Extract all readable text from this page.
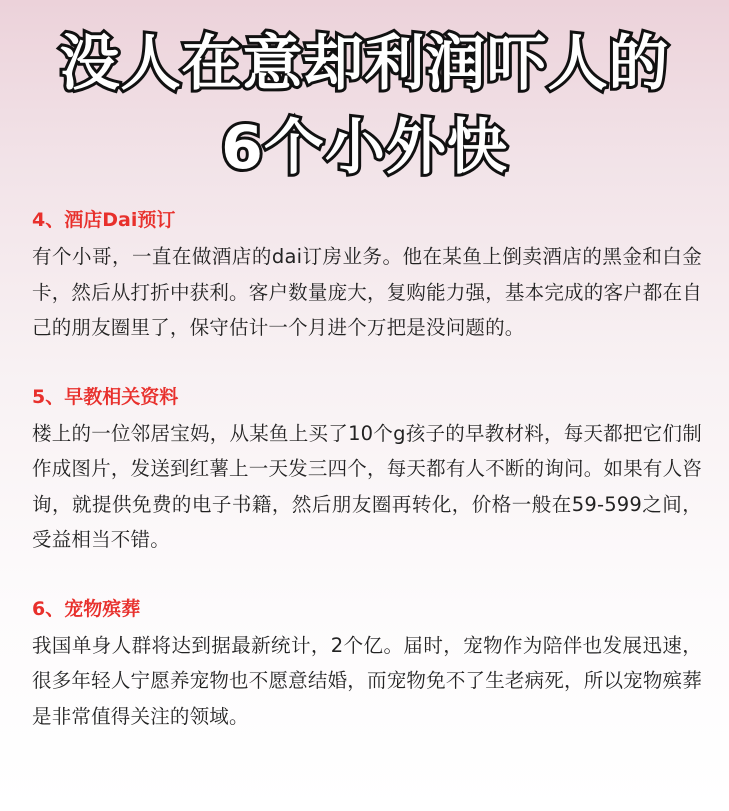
没人在意却利润吓人的
6个小外快
4、酒店Dai预订
有个小哥，一直在做酒店的dai订房业务。他在某鱼上倒卖酒店的黑金和白金卡，然后从打折中获利。客户数量庞大，复购能力强，基本完成的客户都在自己的朋友圈里了，保守估计一个月进个万把是没问题的。
5、早教相关资料
楼上的一位邻居宝妈，从某鱼上买了10个g孩子的早教材料，每天都把它们制作成图片，发送到红薯上一天发三四个，每天都有人不断的询问。如果有人咨询，就提供免费的电子书籍，然后朋友圈再转化，价格一般在59-599之间，受益相当不错。
6、宠物殡葬
我国单身人群将达到据最新统计，2个亿。届时，宠物作为陪伴也发展迅速，很多年轻人宁愿养宠物也不愿意结婚，而宠物免不了生老病死，所以宠物殡葬是非常值得关注的领域。
